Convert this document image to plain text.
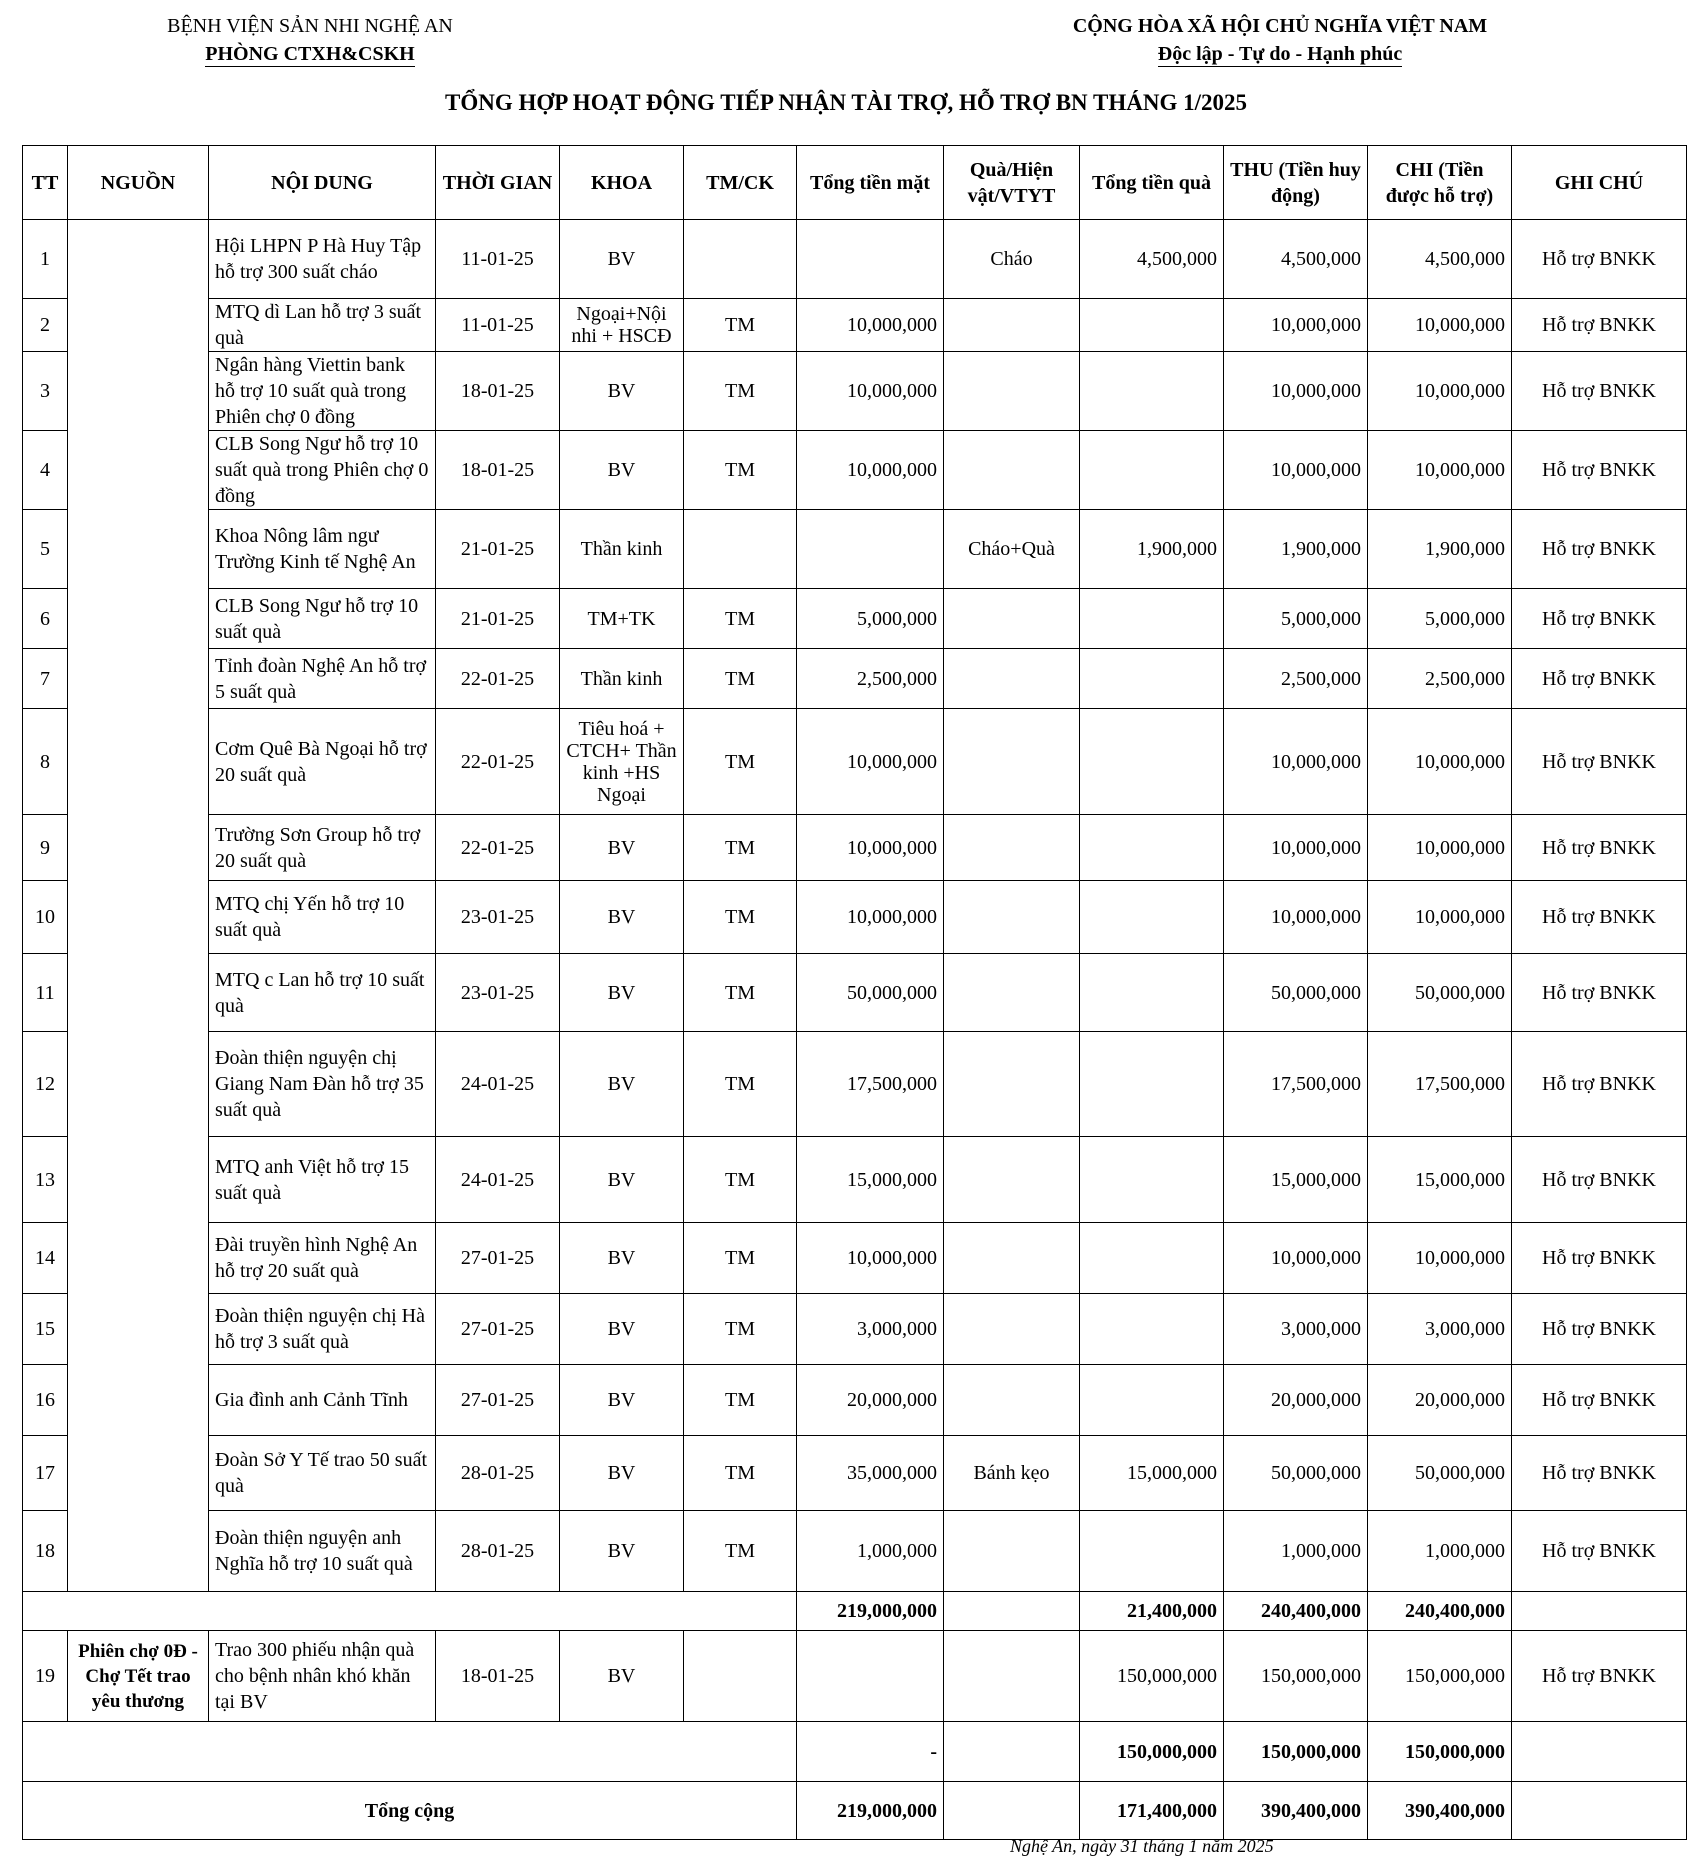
BỆNH VIỆN SẢN NHI NGHỆ AN
PHÒNG CTXH&CSKH
CỘNG HÒA XÃ HỘI CHỦ NGHĨA VIỆT NAM
Độc lập - Tự do - Hạnh phúc
TỔNG HỢP HOẠT ĐỘNG TIẾP NHẬN TÀI TRỢ, HỖ TRỢ BN THÁNG 1/2025
TT	NGUỒN	NỘI DUNG	THỜI GIAN	KHOA	TM/CK	Tổng tiền mặt	Quà/Hiện vật/VTYT	Tổng tiền quà	THU (Tiền huy động)	CHI (Tiền được hỗ trợ)	GHI CHÚ
1		Hội LHPN P Hà Huy Tập hỗ trợ 300 suất cháo	11-01-25	BV			Cháo	4,500,000	4,500,000	4,500,000	Hỗ trợ BNKK
2		MTQ dì Lan hỗ trợ 3 suất quà	11-01-25	Ngoại+Nội nhi + HSCĐ	TM	10,000,000			10,000,000	10,000,000	Hỗ trợ BNKK
3		Ngân hàng Viettin bank hỗ trợ 10 suất quà trong Phiên chợ 0 đồng	18-01-25	BV	TM	10,000,000			10,000,000	10,000,000	Hỗ trợ BNKK
4		CLB Song Ngư hỗ trợ 10 suất quà trong Phiên chợ 0 đồng	18-01-25	BV	TM	10,000,000			10,000,000	10,000,000	Hỗ trợ BNKK
5		Khoa Nông lâm ngư Trường Kinh tế Nghệ An	21-01-25	Thần kinh			Cháo+Quà	1,900,000	1,900,000	1,900,000	Hỗ trợ BNKK
6		CLB Song Ngư hỗ trợ 10 suất quà	21-01-25	TM+TK	TM	5,000,000			5,000,000	5,000,000	Hỗ trợ BNKK
7		Tỉnh đoàn Nghệ An hỗ trợ 5 suất quà	22-01-25	Thần kinh	TM	2,500,000			2,500,000	2,500,000	Hỗ trợ BNKK
8		Cơm Quê Bà Ngoại hỗ trợ 20 suất quà	22-01-25	Tiêu hoá + CTCH+ Thần kinh +HS Ngoại	TM	10,000,000			10,000,000	10,000,000	Hỗ trợ BNKK
9		Trường Sơn Group hỗ trợ 20 suất quà	22-01-25	BV	TM	10,000,000			10,000,000	10,000,000	Hỗ trợ BNKK
10		MTQ chị Yến hỗ trợ 10 suất quà	23-01-25	BV	TM	10,000,000			10,000,000	10,000,000	Hỗ trợ BNKK
11		MTQ c Lan hỗ trợ 10 suất quà	23-01-25	BV	TM	50,000,000			50,000,000	50,000,000	Hỗ trợ BNKK
12		Đoàn thiện nguyện chị Giang Nam Đàn hỗ trợ 35 suất quà	24-01-25	BV	TM	17,500,000			17,500,000	17,500,000	Hỗ trợ BNKK
13		MTQ anh Việt hỗ trợ 15 suất quà	24-01-25	BV	TM	15,000,000			15,000,000	15,000,000	Hỗ trợ BNKK
14		Đài truyền hình Nghệ An hỗ trợ 20 suất quà	27-01-25	BV	TM	10,000,000			10,000,000	10,000,000	Hỗ trợ BNKK
15		Đoàn thiện nguyện chị Hà hỗ trợ 3 suất quà	27-01-25	BV	TM	3,000,000			3,000,000	3,000,000	Hỗ trợ BNKK
16		Gia đình anh Cảnh Tĩnh	27-01-25	BV	TM	20,000,000			20,000,000	20,000,000	Hỗ trợ BNKK
17		Đoàn Sở Y Tế trao 50 suất quà	28-01-25	BV	TM	35,000,000	Bánh kẹo	15,000,000	50,000,000	50,000,000	Hỗ trợ BNKK
18		Đoàn thiện nguyện anh Nghĩa hỗ trợ 10 suất quà	28-01-25	BV	TM	1,000,000			1,000,000	1,000,000	Hỗ trợ BNKK
						219,000,000		21,400,000	240,400,000	240,400,000	
19	Phiên chợ 0Đ - Chợ Tết trao yêu thương	Trao 300 phiếu nhận quà cho bệnh nhân khó khăn tại BV	18-01-25	BV				150,000,000	150,000,000	150,000,000	Hỗ trợ BNKK
						-		150,000,000	150,000,000	150,000,000	
Tổng cộng						219,000,000		171,400,000	390,400,000	390,400,000	
Nghệ An, ngày 31 tháng 1 năm 2025
